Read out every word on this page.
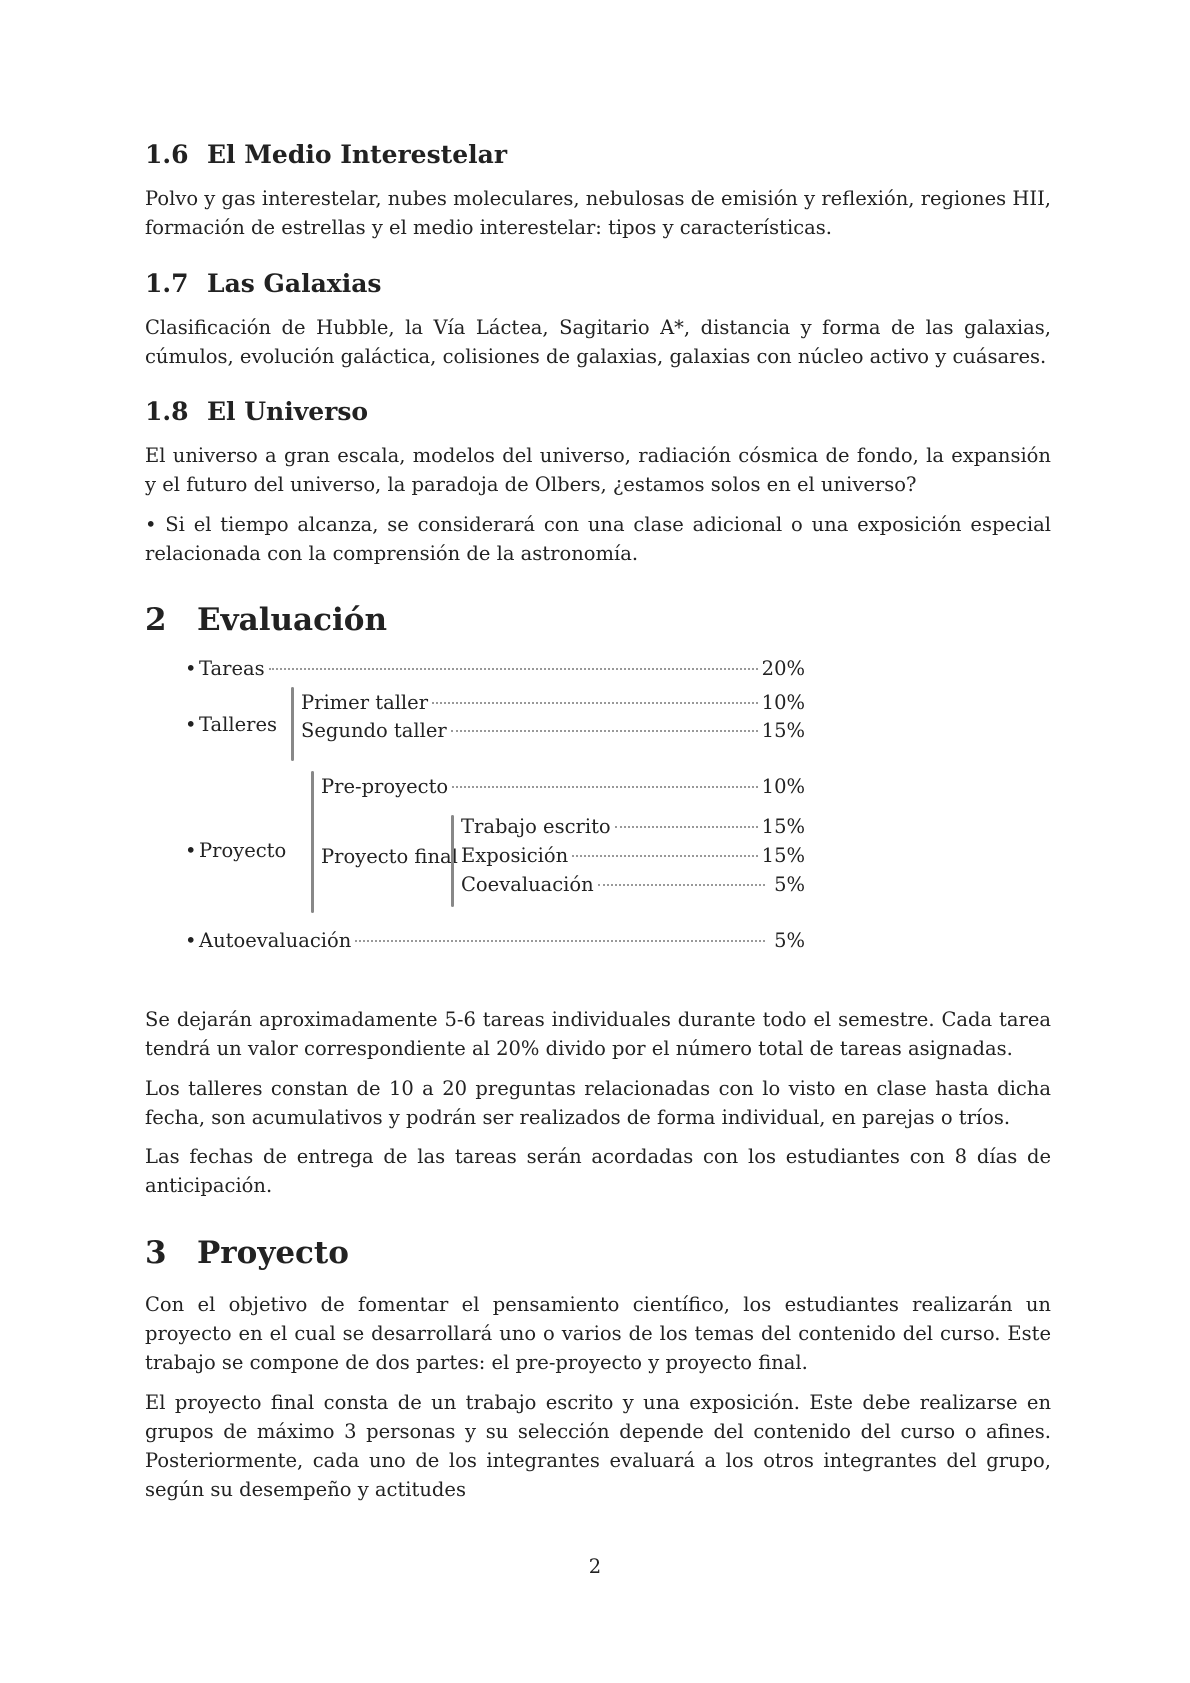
1.6 El Medio Interestelar

Polvo y gas interestelar, nubes moleculares, nebulosas de emisión y reflexión, regiones HII, formación de estrellas y el medio interestelar: tipos y características.

1.7 Las Galaxias

Clasificación de Hubble, la Vía Láctea, Sagitario A*, distancia y forma de las galaxias, cúmulos, evolución galáctica, colisiones de galaxias, galaxias con núcleo activo y cuásares.

1.8 El Universo

El universo a gran escala, modelos del universo, radiación cósmica de fondo, la expansión y el futuro del universo, la paradoja de Olbers, ¿estamos solos en el universo?

• Si el tiempo alcanza, se considerará con una clase adicional o una exposición especial relacionada con la comprensión de la astronomía.

2 Evaluación
• Tareas	20%
• Talleres
Primer taller	10%
Segundo taller	15%
• Proyecto
Pre-proyecto	10%
Proyecto final
Trabajo escrito	15%
Exposición	15%
Coevaluación	5%
• Autoevaluación	5%

Se dejarán aproximadamente 5-6 tareas individuales durante todo el semestre. Cada tarea tendrá un valor correspondiente al 20% divido por el número total de tareas asignadas.

Los talleres constan de 10 a 20 preguntas relacionadas con lo visto en clase hasta dicha fecha, son acumulativos y podrán ser realizados de forma individual, en parejas o tríos.

Las fechas de entrega de las tareas serán acordadas con los estudiantes con 8 días de anticipación.

3 Proyecto

Con el objetivo de fomentar el pensamiento científico, los estudiantes realizarán un proyecto en el cual se desarrollará uno o varios de los temas del contenido del curso. Este trabajo se compone de dos partes: el pre-proyecto y proyecto final.

El proyecto final consta de un trabajo escrito y una exposición. Este debe realizarse en grupos de máximo 3 personas y su selección depende del contenido del curso o afines. Posteriormente, cada uno de los integrantes evaluará a los otros integrantes del grupo, según su desempeño y actitudes

2
